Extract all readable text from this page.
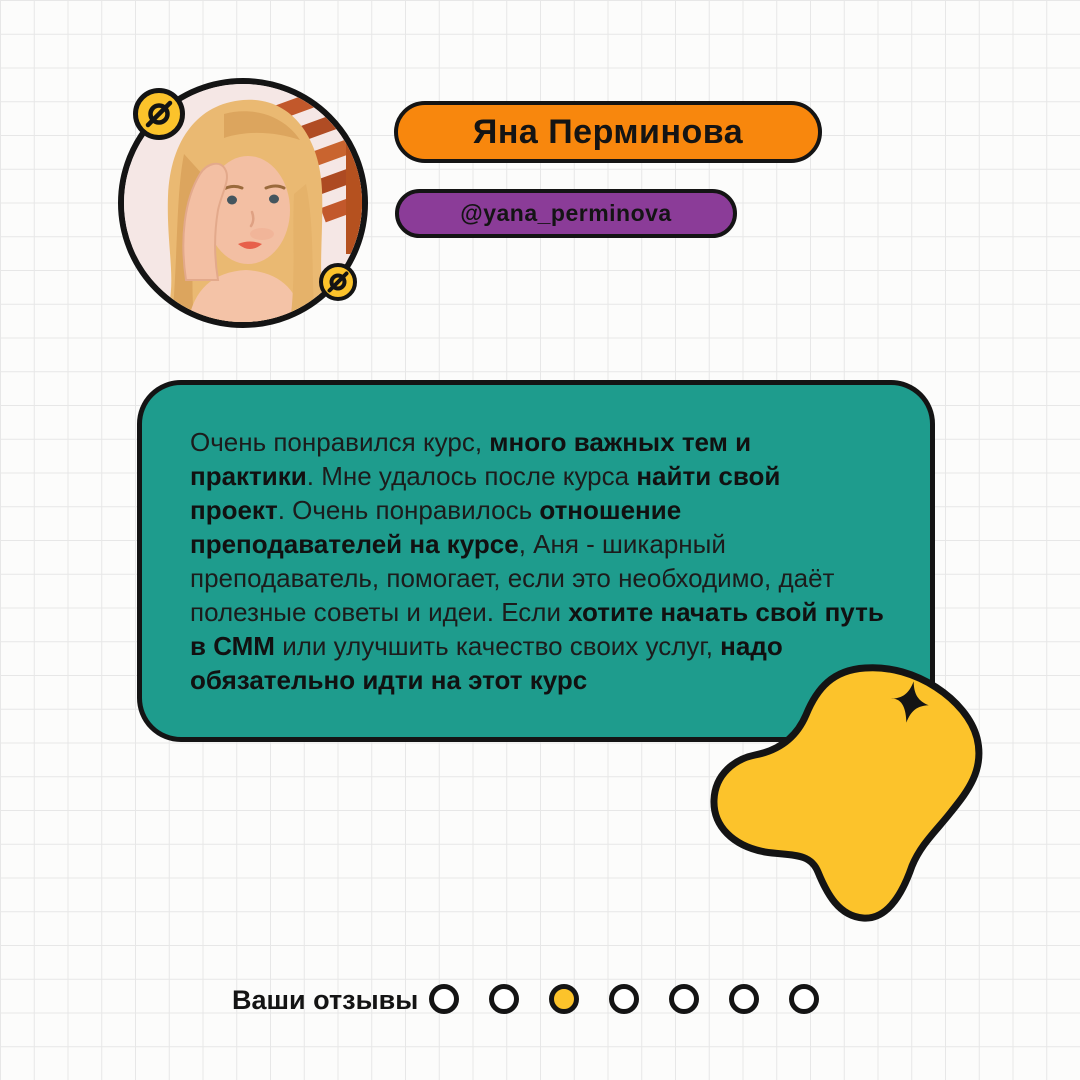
Яна Перминова
@yana_perminova
Очень понравился курс, много важных тем и
практики. Мне удалось после курса найти свой
проект. Очень понравилось отношение
преподавателей на курсе, Аня - шикарный
преподаватель, помогает, если это необходимо, даёт
полезные советы и идеи. Если хотите начать свой путь
в СММ или улучшить качество своих услуг, надо
обязательно идти на этот курс
Ваши отзывы
